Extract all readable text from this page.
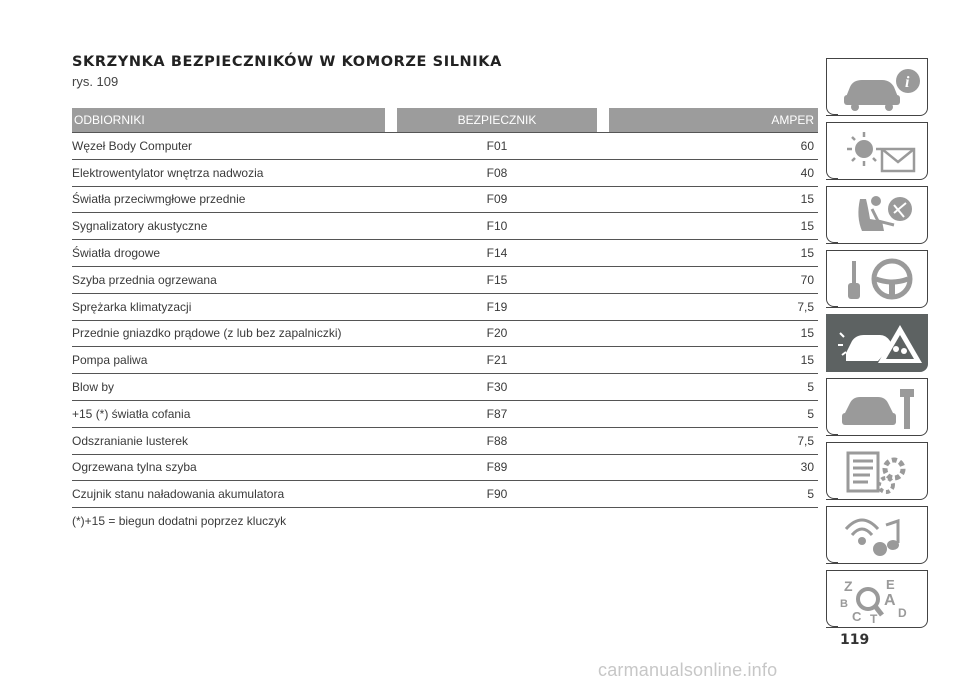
SKRZYNKA BEZPIECZNIKÓW W KOMORZE SILNIKA
rys. 109
ODBIORNIKI	BEZPIECZNIK	AMPER
Węzeł Body Computer	F01	60
Elektrowentylator wnętrza nadwozia	F08	40
Światła przeciwmgłowe przednie	F09	15
Sygnalizatory akustyczne	F10	15
Światła drogowe	F14	15
Szyba przednia ogrzewana	F15	70
Sprężarka klimatyzacji	F19	7,5
Przednie gniazdko prądowe (z lub bez zapalniczki)	F20	15
Pompa paliwa	F21	15
Blow by	F30	5
+15 (*) światła cofania	F87	5
Odszranianie lusterek	F88	7,5
Ogrzewana tylna szyba	F89	30
Czujnik stanu naładowania akumulatora	F90	5
(*)+15 = biegun dodatni poprzez kluczyk
i
Z	E
B A
C	D
T
119
carmanualsonline.info
